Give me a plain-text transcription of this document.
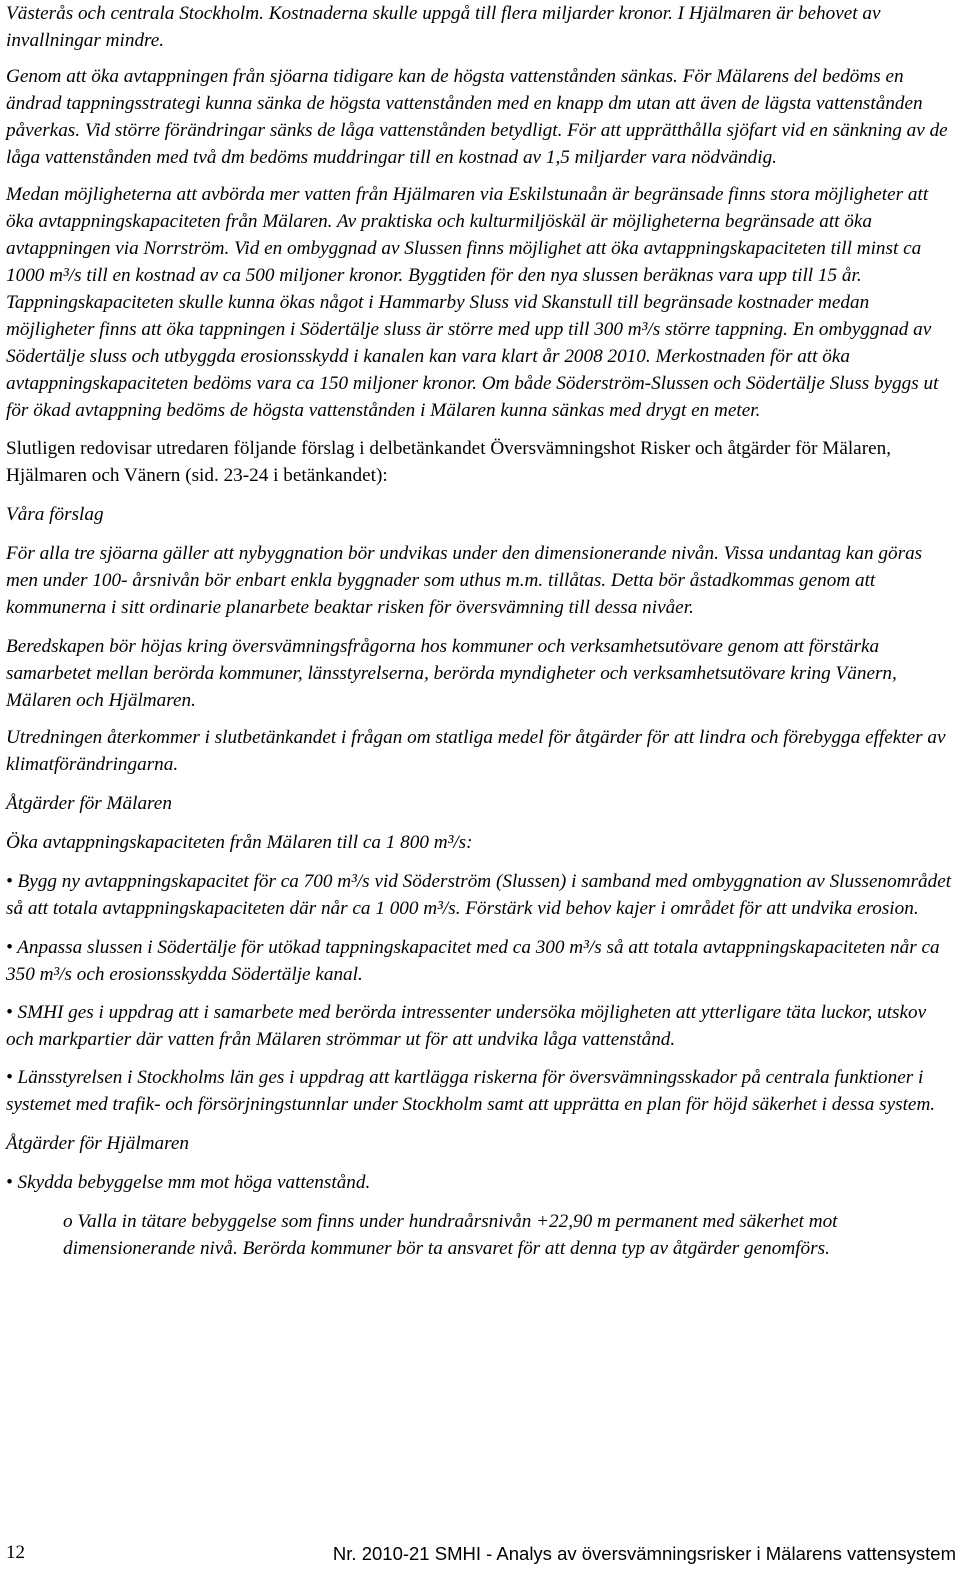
Västerås och centrala Stockholm. Kostnaderna skulle uppgå till flera miljarder kronor. I Hjälmaren är behovet av invallningar mindre.

Genom att öka avtappningen från sjöarna tidigare kan de högsta vattenstånden sänkas. För Mälarens del bedöms en ändrad tappningsstrategi kunna sänka de högsta vattenstånden med en knapp dm utan att även de lägsta vattenstånden påverkas. Vid större förändringar sänks de låga vattenstånden betydligt. För att upprätthålla sjöfart vid en sänkning av de låga vattenstånden med två dm bedöms muddringar till en kostnad av 1,5 miljarder vara nödvändig.

Medan möjligheterna att avbörda mer vatten från Hjälmaren via Eskilstunaån är begränsade finns stora möjligheter att öka avtappningskapaciteten från Mälaren. Av praktiska och kulturmiljöskäl är möjligheterna begränsade att öka avtappningen via Norrström. Vid en ombyggnad av Slussen finns möjlighet att öka avtappningskapaciteten till minst ca 1000 m³/s till en kostnad av ca 500 miljoner kronor. Byggtiden för den nya slussen beräknas vara upp till 15 år. Tappningskapaciteten skulle kunna ökas något i Hammarby Sluss vid Skanstull till begränsade kostnader medan möjligheter finns att öka tappningen i Södertälje sluss är större med upp till 300 m³/s större tappning. En ombyggnad av Södertälje sluss och utbyggda erosionsskydd i kanalen kan vara klart år 2008 2010. Merkostnaden för att öka avtappningskapaciteten bedöms vara ca 150 miljoner kronor. Om både Söderström-Slussen och Södertälje Sluss byggs ut för ökad avtappning bedöms de högsta vattenstånden i Mälaren kunna sänkas med drygt en meter.

Slutligen redovisar utredaren följande förslag i delbetänkandet Översvämningshot Risker och åtgärder för Mälaren, Hjälmaren och Vänern (sid. 23-24 i betänkandet):

Våra förslag

För alla tre sjöarna gäller att nybyggnation bör undvikas under den dimensionerande nivån. Vissa undantag kan göras men under 100- årsnivån bör enbart enkla byggnader som uthus m.m. tillåtas. Detta bör åstadkommas genom att kommunerna i sitt ordinarie planarbete beaktar risken för översvämning till dessa nivåer.

Beredskapen bör höjas kring översvämningsfrågorna hos kommuner och verksamhetsutövare genom att förstärka samarbetet mellan berörda kommuner, länsstyrelserna, berörda myndigheter och verksamhetsutövare kring Vänern, Mälaren och Hjälmaren.

Utredningen återkommer i slutbetänkandet i frågan om statliga medel för åtgärder för att lindra och förebygga effekter av klimatförändringarna.

Åtgärder för Mälaren

Öka avtappningskapaciteten från Mälaren till ca 1 800 m³/s:

• Bygg ny avtappningskapacitet för ca 700 m³/s vid Söderström (Slussen) i samband med ombyggnation av Slussenområdet så att totala avtappningskapaciteten där når ca 1 000 m³/s. Förstärk vid behov kajer i området för att undvika erosion.

• Anpassa slussen i Södertälje för utökad tappningskapacitet med ca 300 m³/s så att totala avtappningskapaciteten når ca 350 m³/s och erosionsskydda Södertälje kanal.

• SMHI ges i uppdrag att i samarbete med berörda intressenter undersöka möjligheten att ytterligare täta luckor, utskov och markpartier där vatten från Mälaren strömmar ut för att undvika låga vattenstånd.

• Länsstyrelsen i Stockholms län ges i uppdrag att kartlägga riskerna för översvämningsskador på centrala funktioner i systemet med trafik- och försörjningstunnlar under Stockholm samt att upprätta en plan för höjd säkerhet i dessa system.

Åtgärder för Hjälmaren

• Skydda bebyggelse mm mot höga vattenstånd.

o Valla in tätare bebyggelse som finns under hundraårsnivån +22,90 m permanent med säkerhet mot dimensionerande nivå. Berörda kommuner bör ta ansvaret för att denna typ av åtgärder genomförs.

12	Nr. 2010-21 SMHI - Analys av översvämningsrisker i Mälarens vattensystem
